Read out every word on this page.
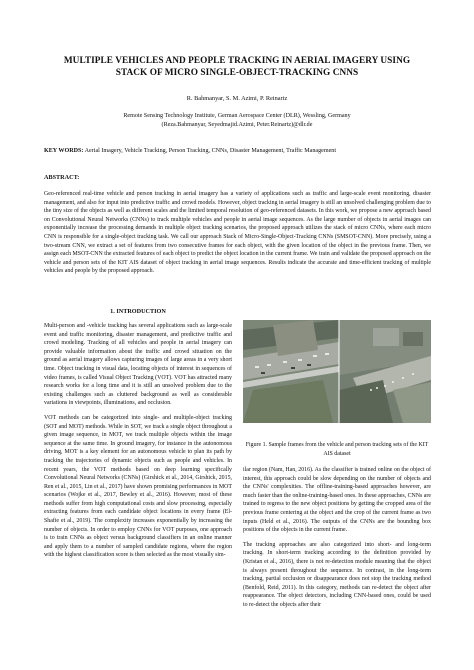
MULTIPLE VEHICLES AND PEOPLE TRACKING IN AERIAL IMAGERY USING
STACK OF MICRO SINGLE-OBJECT-TRACKING CNNS
R. Bahmanyar, S. M. Azimi, P. Reinartz
Remote Sensing Technology Institute, German Aerospace Center (DLR), Wessling, Germany
(Reza.Bahmanyar, Seyedmajid.Azimi, Peter.Reinartz)@dlr.de
KEY WORDS: Aerial Imagery, Vehicle Tracking, Person Tracking, CNNs, Disaster Management, Traffic Management
ABSTRACT:
Geo-referenced real-time vehicle and person tracking in aerial imagery has a variety of applications such as traffic and large-scale event monitoring, disaster management, and also for input into predictive traffic and crowd models. However, object tracking in aerial imagery is still an unsolved challenging problem due to the tiny size of the objects as well as different scales and the limited temporal resolution of geo-referenced datasets. In this work, we propose a new approach based on Convolutional Neural Networks (CNNs) to track multiple vehicles and people in aerial image sequences. As the large number of objects in aerial images can exponentially increase the processing demands in multiple object tracking scenarios, the proposed approach utilizes the stack of micro CNNs, where each micro CNN is responsible for a single-object tracking task. We call our approach Stack of Micro-Single-Object-Tracking CNNs (SMSOT-CNN). More precisely, using a two-stream CNN, we extract a set of features from two consecutive frames for each object, with the given location of the object in the previous frame. Then, we assign each MSOT-CNN the extracted features of each object to predict the object location in the current frame. We train and validate the proposed approach on the vehicle and person sets of the KIT AIS dataset of object tracking in aerial image sequences. Results indicate the accurate and time-efficient tracking of multiple vehicles and people by the proposed approach.
1. INTRODUCTION

Multi-person and -vehicle tracking has several applications such as large-scale event and traffic monitoring, disaster management, and predictive traffic and crowd modeling. Tracking of all vehicles and people in aerial imagery can provide valuable information about the traffic and crowd situation on the ground as aerial imagery allows capturing images of large areas in a very short time. Object tracking in visual data, locating objects of interest in sequences of video frames, is called Visual Object Tracking (VOT). VOT has attracted many research works for a long time and it is still an unsolved problem due to the existing challenges such as cluttered background as well as considerable variations in viewpoints, illuminations, and occlusion.

VOT methods can be categorized into single- and multiple-object tracking (SOT and MOT) methods. While in SOT, we track a single object throughout a given image sequence, in MOT, we track multiple objects within the image sequence at the same time. In ground imagery, for instance in the autonomous driving, MOT is a key element for an autonomous vehicle to plan its path by tracking the trajectories of dynamic objects such as people and vehicles. In recent years, the VOT methods based on deep learning specifically Convolutional Neural Networks (CNNs) (Girshick et al., 2014, Girshick, 2015, Ren et al., 2015, Lin et al., 2017) have shown promising performances in MOT scenarios (Wojke et al., 2017, Bewley et al., 2016). However, most of these methods suffer from high computational costs and slow processing, especially extracting features from each candidate object locations in every frame (El-Shafie et al., 2019). The complexity increases exponentially by increasing the number of objects. In order to employ CNNs for VOT purposes, one approach is to train CNNs as object versus background classifiers in an online manner and apply them to a number of sampled candidate regions, where the region with the highest classification score is then selected as the most visually sim-

Figure 1. Sample frames from the vehicle and person tracking sets of the KIT AIS dataset

ilar region (Nam, Han, 2016). As the classifier is trained online on the object of interest, this approach could be slow depending on the number of objects and the CNNs' complexities. The offline-training-based approaches however, are much faster than the online-training-based ones. In these approaches, CNNs are trained to regress to the new object positions by getting the cropped area of the previous frame centering at the object and the crop of the current frame as two inputs (Held et al., 2016). The outputs of the CNNs are the bounding box positions of the objects in the current frame.

The tracking approaches are also categorized into short- and long-term tracking. In short-term tracking according to the definition provided by (Kristan et al., 2016), there is not re-detection module meaning that the object is always present throughout the sequence. In contrast, in the long-term tracking, partial occlusion or disappearance does not stop the tracking method (Benfold, Reid, 2011). In this category, methods can re-detect the object after reappearance. The object detectors, including CNN-based ones, could be used to re-detect the objects after their
